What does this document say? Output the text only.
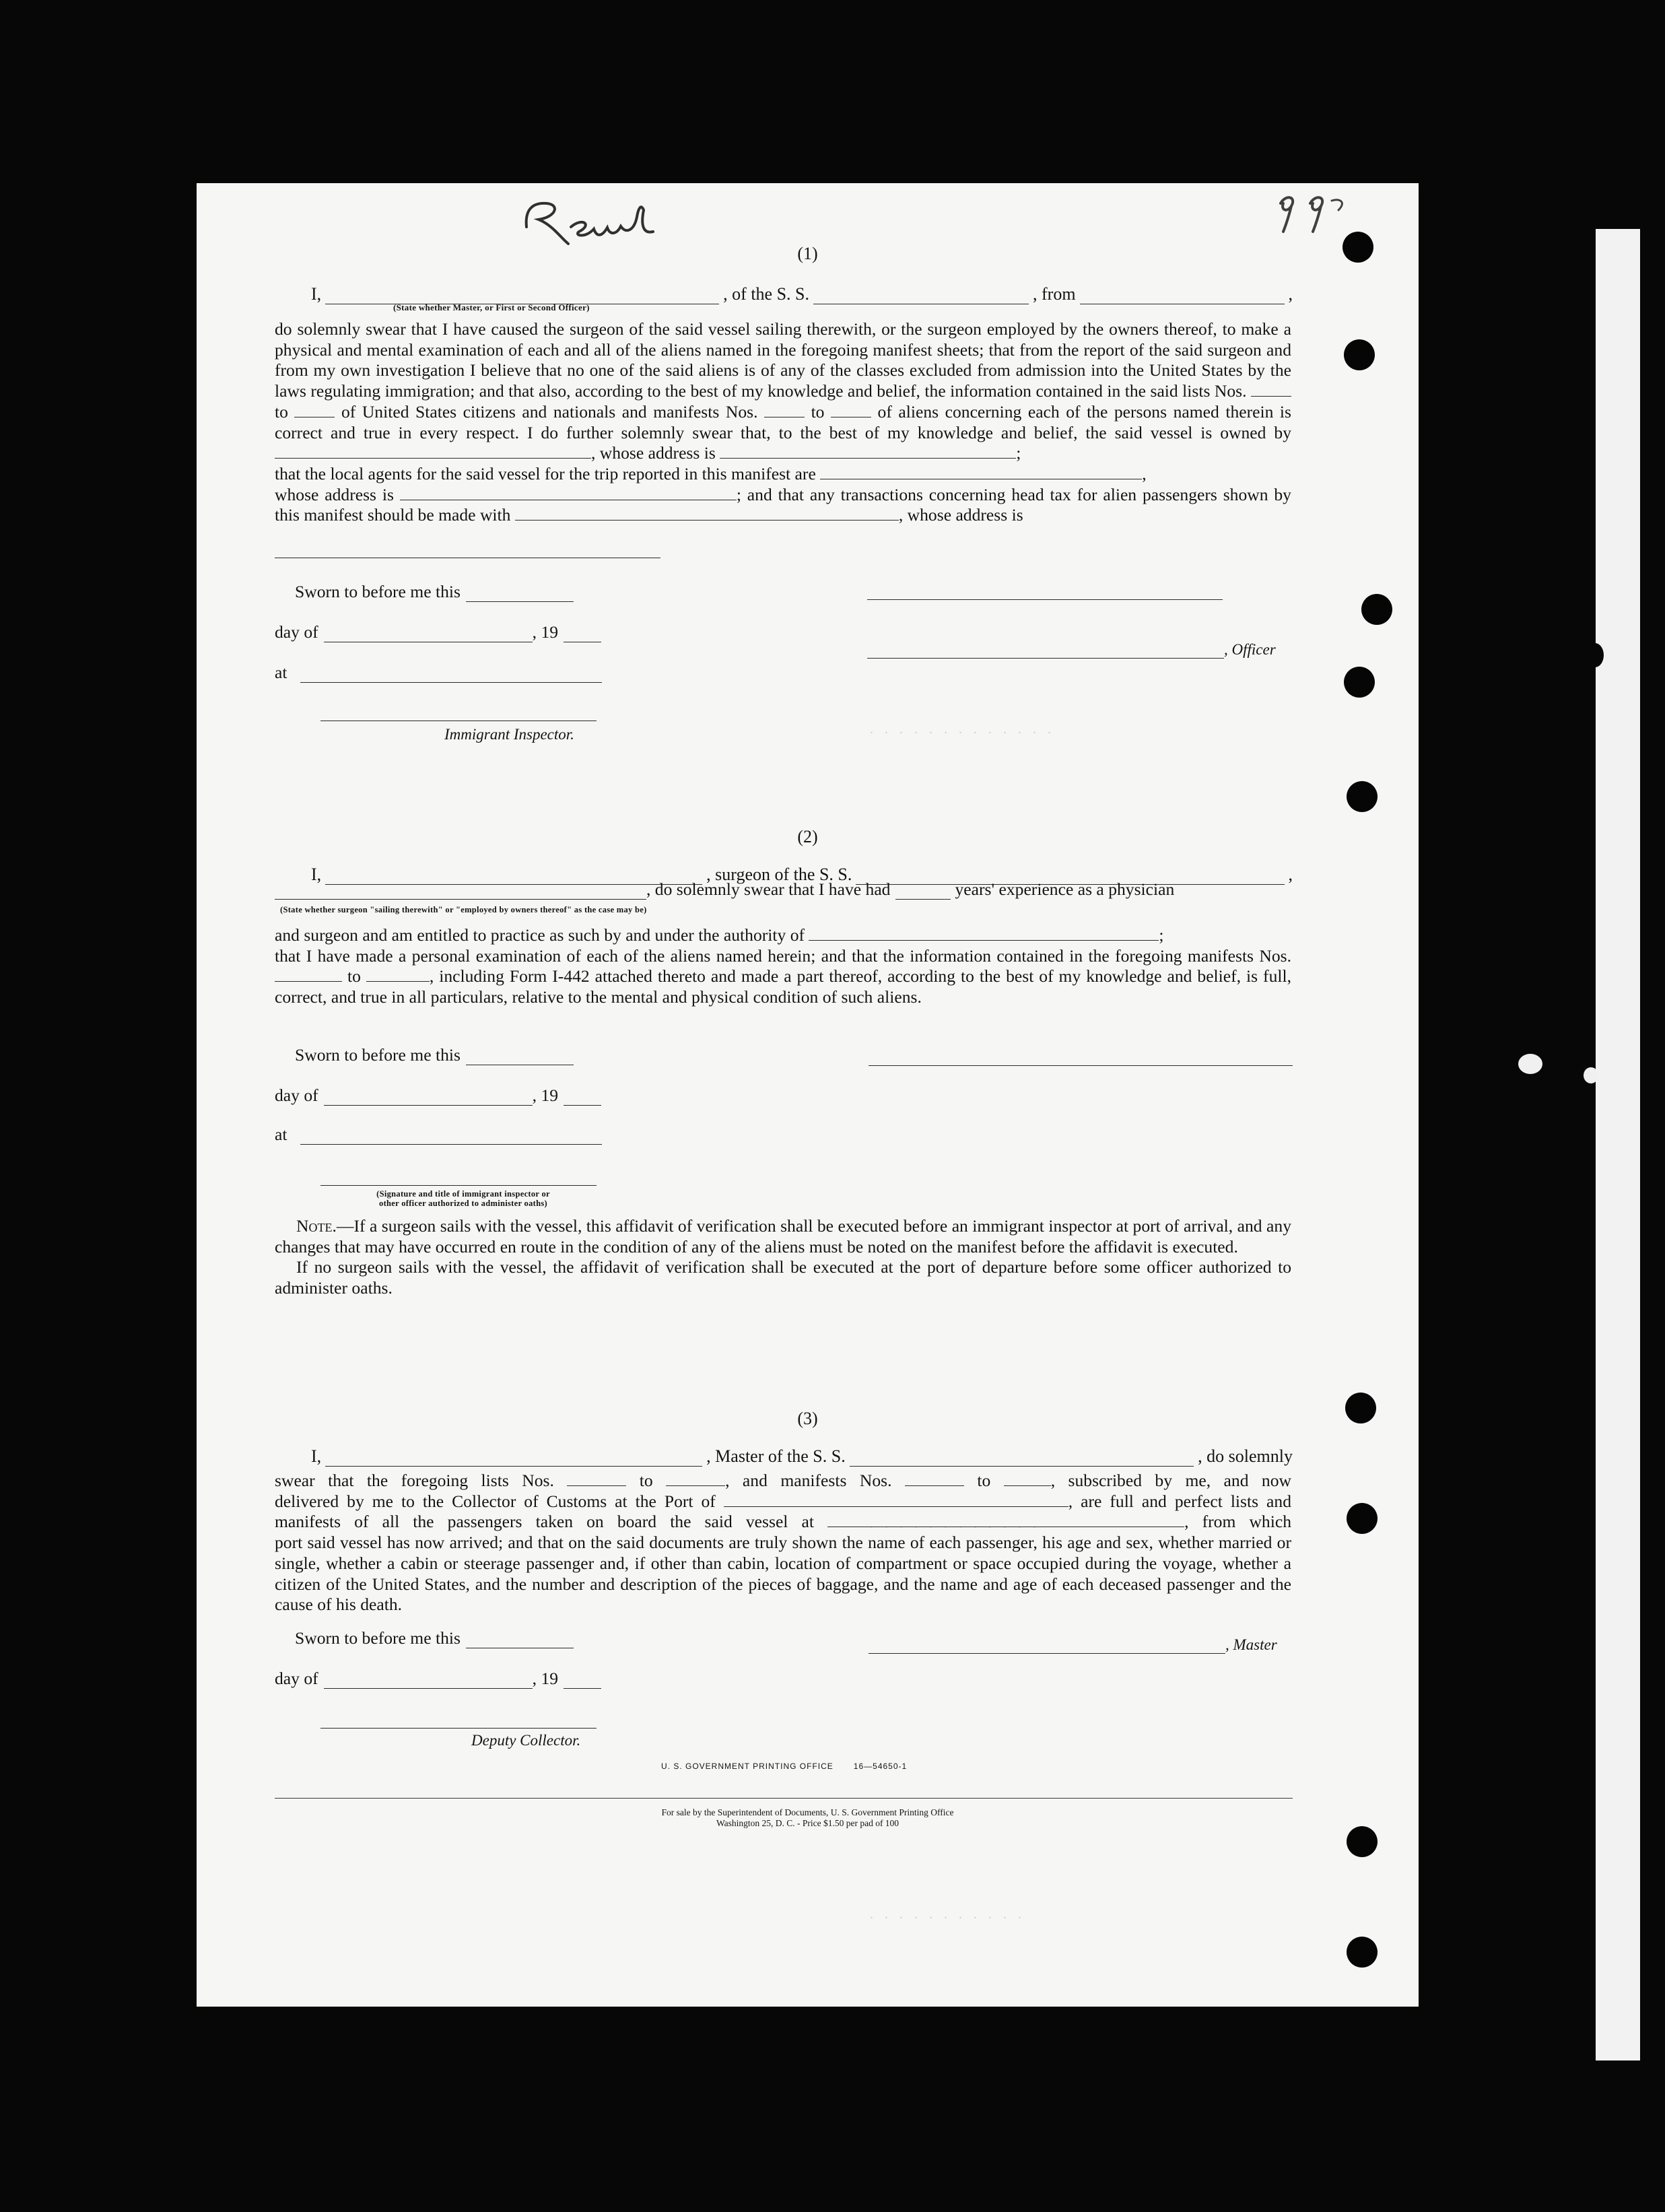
. . . . . . . . . . . . .
. . . . . . . . . . . .
. . . . . . . . . . .
(1)
I,	, of the S. S.	, from	,
(State whether Master, or First or Second Officer)

do solemnly swear that I have caused the surgeon of the said vessel sailing therewith, or the surgeon employed by the owners thereof, to make a physical and mental examination of each and all of the aliens named in the foregoing manifest sheets; that from the report of the said surgeon and from my own investigation I believe that no one of the said aliens is of any of the classes excluded from admission into the United States by the laws regulating immigration; and that also, according to the best of my knowledge and belief, the information contained in the said lists Nos.  to	of United States citizens and nationals and manifests Nos.	to	of aliens concerning each of the persons named therein is correct and true in every respect. I do further solemnly swear that, to the best of my knowledge and belief, the said vessel is owned by , whose address is	;

that the local agents for the said vessel for the trip reported in this manifest are	,

whose address is	; and that any transactions concerning head tax for alien passengers shown by this manifest should be made with	, whose address is

Sworn to before me this
day of	, 19
, Officer
at
Immigrant Inspector.
(2)
I,	, surgeon of the S. S.	,
, do solemnly swear that I have had	years' experience as a physician
(State whether surgeon "sailing therewith" or "employed by owners thereof" as the case may be)

and surgeon and am entitled to practice as such by and under the authority of	;

that I have made a personal examination of each of the aliens named herein; and that the information contained in the foregoing manifests Nos.  to	, including Form I-442 attached thereto and made a part thereof, according to the best of my knowledge and belief, is full, correct, and true in all particulars, relative to the mental and physical condition of such aliens.

Sworn to before me this
day of	, 19
at
(Signature and title of immigrant inspector or
other officer authorized to administer oaths)

Note.—If a surgeon sails with the vessel, this affidavit of verification shall be executed before an immigrant inspector at port of arrival, and any changes that may have occurred en route in the condition of any of the aliens must be noted on the manifest before the affidavit is executed.

If no surgeon sails with the vessel, the affidavit of verification shall be executed at the port of departure before some officer authorized to administer oaths.

(3)
I,	, Master of the S. S.	, do solemnly

swear that the foregoing lists Nos.	to	, and manifests Nos.	to	, subscribed by me, and now

delivered by me to the Collector of Customs at the Port of	, are full and perfect lists and

manifests of all the passengers taken on board the said vessel at	, from which

port said vessel has now arrived; and that on the said documents are truly shown the name of each passenger, his age and sex, whether married or single, whether a cabin or steerage passenger and, if other than cabin, location of compartment or space occupied during the voyage, whether a citizen of the United States, and the number and description of the pieces of baggage, and the name and age of each deceased passenger and the cause of his death.

Sworn to before me this	, Master
day of	, 19
Deputy Collector.
U. S. GOVERNMENT PRINTING OFFICE	16—54650-1
For sale by the Superintendent of Documents, U. S. Government Printing Office
Washington 25, D. C. - Price $1.50 per pad of 100
